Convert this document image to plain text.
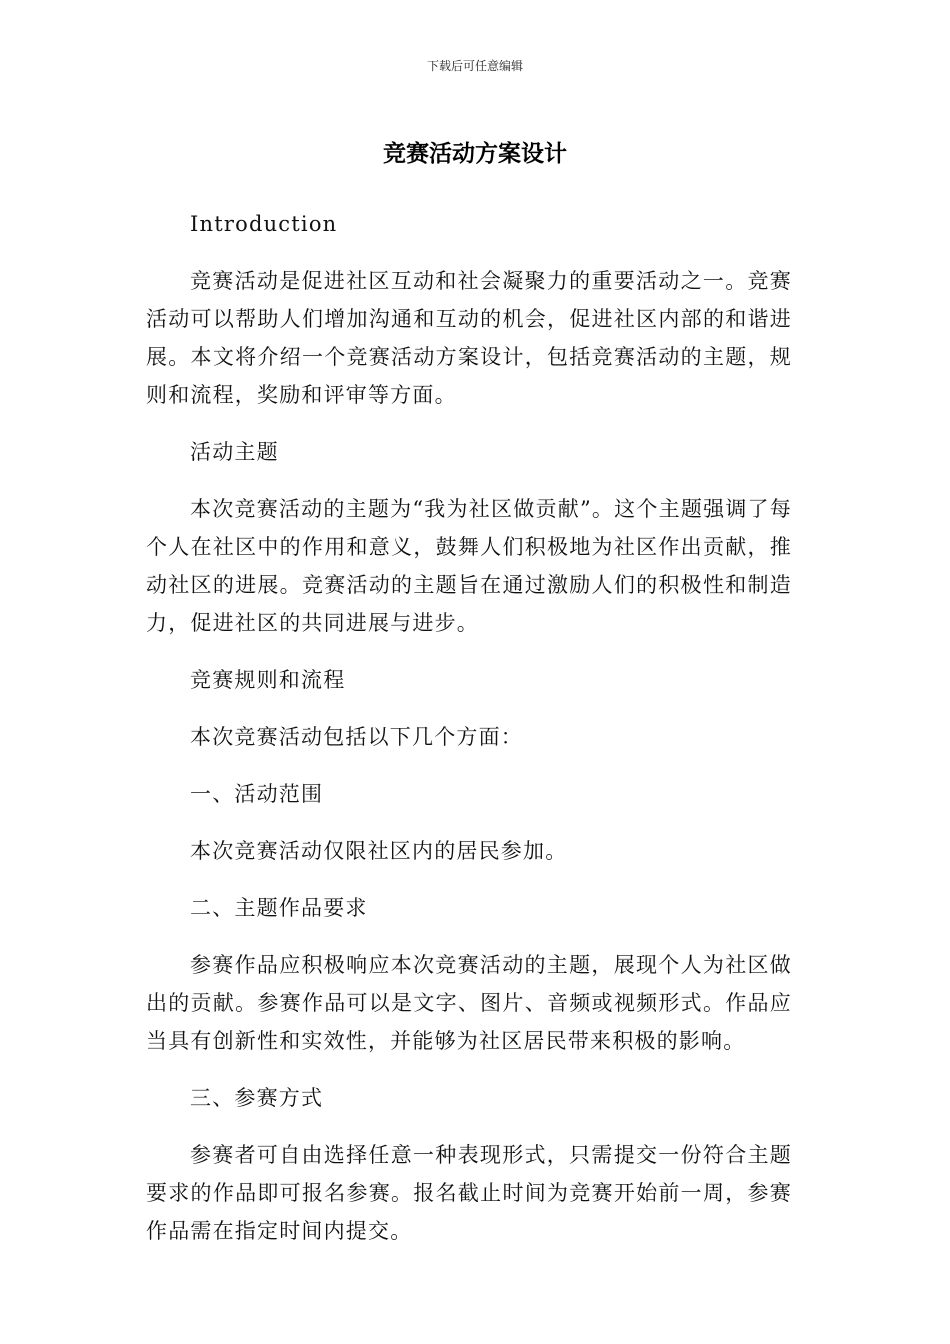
下载后可任意编辑
竞赛活动方案设计

Introduction

竞赛活动是促进社区互动和社会凝聚力的重要活动之一。竞赛活动可以帮助人们增加沟通和互动的机会，促进社区内部的和谐进展。本文将介绍一个竞赛活动方案设计，包括竞赛活动的主题，规则和流程，奖励和评审等方面。

活动主题

本次竞赛活动的主题为“我为社区做贡献”。这个主题强调了每个人在社区中的作用和意义，鼓舞人们积极地为社区作出贡献，推动社区的进展。竞赛活动的主题旨在通过激励人们的积极性和制造力，促进社区的共同进展与进步。

竞赛规则和流程

本次竞赛活动包括以下几个方面：

一、活动范围

本次竞赛活动仅限社区内的居民参加。

二、主题作品要求

参赛作品应积极响应本次竞赛活动的主题，展现个人为社区做出的贡献。参赛作品可以是文字、图片、音频或视频形式。作品应当具有创新性和实效性，并能够为社区居民带来积极的影响。

三、参赛方式

参赛者可自由选择任意一种表现形式，只需提交一份符合主题要求的作品即可报名参赛。报名截止时间为竞赛开始前一周，参赛作品需在指定时间内提交。
